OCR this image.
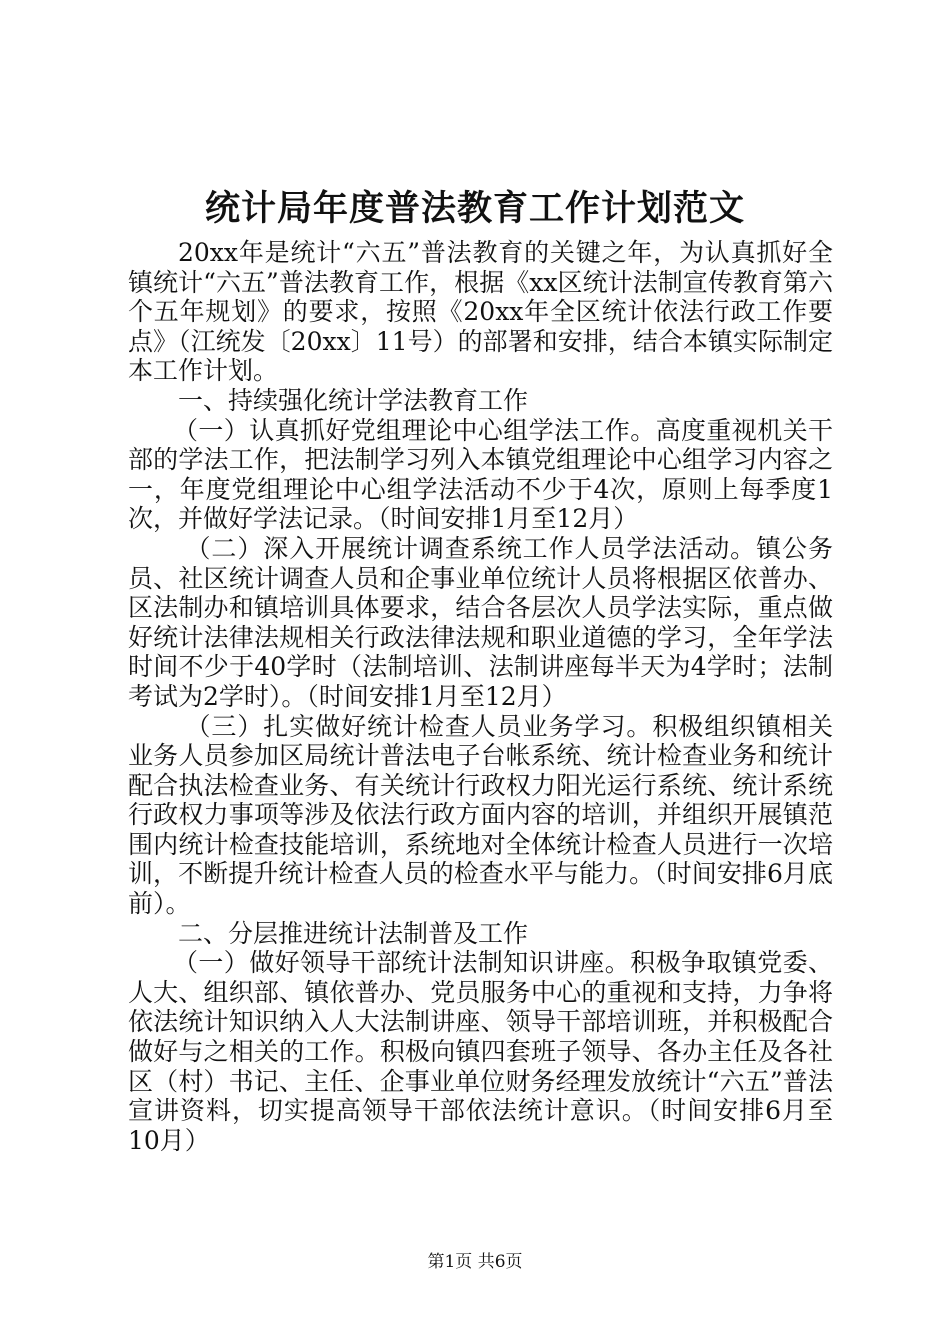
统计局年度普法教育工作计划范文

20xx年是统计“六五”普法教育的关键之年，为认真抓好全镇统计“六五”普法教育工作，根据《xx区统计法制宣传教育第六个五年规划》的要求，按照《20xx年全区统计依法行政工作要点》（江统发〔20xx〕11号）的部署和安排，结合本镇实际制定本工作计划。

一、持续强化统计学法教育工作

（一）认真抓好党组理论中心组学法工作。高度重视机关干部的学法工作，把法制学习列入本镇党组理论中心组学习内容之一，年度党组理论中心组学法活动不少于4次，原则上每季度1次，并做好学法记录。（时间安排1月至12月）

（二）深入开展统计调查系统工作人员学法活动。镇公务员、社区统计调查人员和企事业单位统计人员将根据区依普办、区法制办和镇培训具体要求，结合各层次人员学法实际，重点做好统计法律法规相关行政法律法规和职业道德的学习，全年学法时间不少于40学时（法制培训、法制讲座每半天为4学时；法制考试为2学时）。（时间安排1月至12月）

（三）扎实做好统计检查人员业务学习。积极组织镇相关业务人员参加区局统计普法电子台帐系统、统计检查业务和统计配合执法检查业务、有关统计行政权力阳光运行系统、统计系统行政权力事项等涉及依法行政方面内容的培训，并组织开展镇范围内统计检查技能培训，系统地对全体统计检查人员进行一次培训，不断提升统计检查人员的检查水平与能力。（时间安排6月底前）。

二、分层推进统计法制普及工作

（一）做好领导干部统计法制知识讲座。积极争取镇党委、人大、组织部、镇依普办、党员服务中心的重视和支持，力争将依法统计知识纳入人大法制讲座、领导干部培训班，并积极配合做好与之相关的工作。积极向镇四套班子领导、各办主任及各社区（村）书记、主任、企事业单位财务经理发放统计“六五”普法宣讲资料，切实提高领导干部依法统计意识。（时间安排6月至10月）

第1页 共6页
